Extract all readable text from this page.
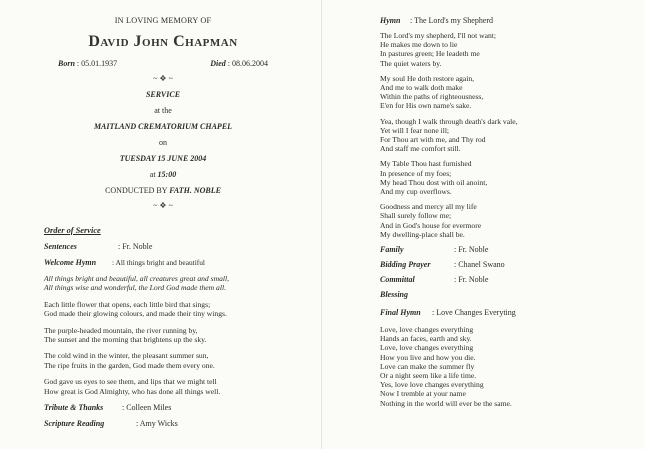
IN LOVING MEMORY OF
David John Chapman
Born : 05.01.1937	Died : 08.06.2004
~ ❖ ~
SERVICE
at the
MAITLAND CREMATORIUM CHAPEL
on
TUESDAY 15 JUNE 2004
at 15:00
CONDUCTED BY FATH. NOBLE
~ ❖ ~
Order of Service
Sentences	: Fr. Noble
Welcome Hymn : All things bright and beautiful
All things bright and beautiful, all creatures great and small,
All things wise and wonderful, the Lord God made them all.
Each little flower that opens, each little bird that sings;
God made their glowing colours, and made their tiny wings.
The purple-headed mountain, the river running by,
The sunset and the morning that brightens up the sky.
The cold wind in the winter, the pleasant summer sun,
The ripe fruits in the garden, God made them every one.
God gave us eyes to see them, and lips that we might tell
How great is God Almighty, who has done all things well.
Tribute & Thanks : Colleen Miles
Scripture Reading	: Amy Wicks
Hymn : The Lord's my Shepherd
The Lord's my shepherd, I'll not want;
He makes me down to lie
In pastures green; He leadeth me
The quiet waters by.
My soul He doth restore again,
And me to walk doth make
Within the paths of righteousness,
E'en for His own name's sake.
Yea, though I walk through death's dark vale,
Yet will I fear none ill;
For Thou art with me, and Thy rod
And staff me comfort still.
My Table Thou hast furnished
In presence of my foes;
My head Thou dost with oil anoint,
And my cup overflows.
Goodness and mercy all my life
Shall surely follow me;
And in God's house for evermore
My dwelling-place shall be.
Family	: Fr. Noble
Bidding Prayer	: Chanel Swano
Committal	: Fr. Noble
Blessing
Final Hymn : Love Changes Everyting
Love, love changes everything
Hands an faces, earth and sky.
Love, love changes everything
How you live and how you die.
Love can make the summer fly
Or a night seem like a life time.
Yes, love love changes everything
Now I tremble at your name
Nothing in the world will ever be the same.
